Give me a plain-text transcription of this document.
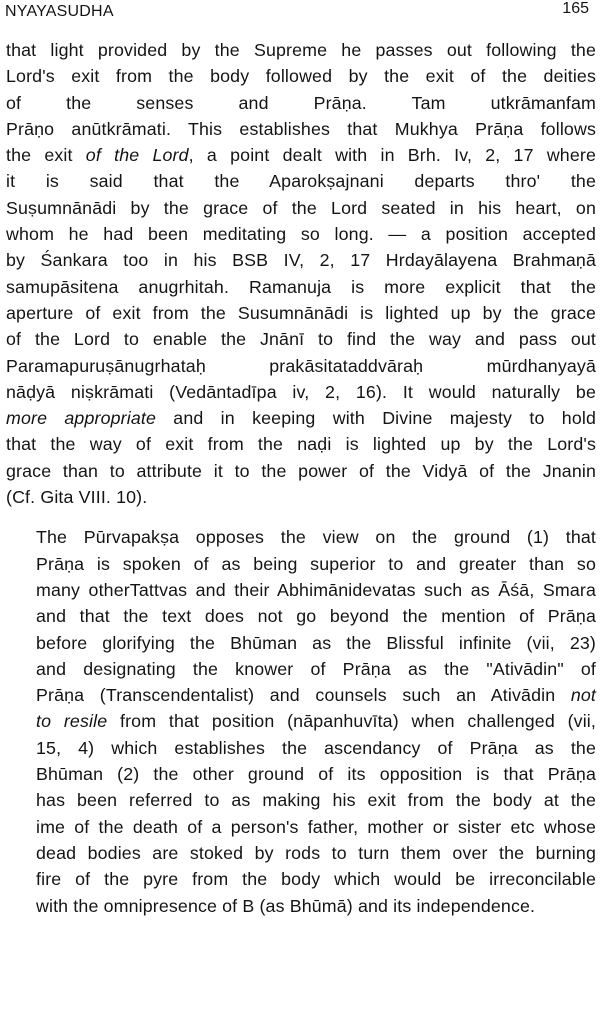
NYAYASUDHA	165

that light provided by the Supreme he passes out following the
Lord's exit from the body followed by the exit of the deities
of the senses and Prāṇa. Tam utkrāmanfam
Prāṇo anūtkrāmati. This establishes that Mukhya Prāṇa follows
the exit of the Lord, a point dealt with in Brh. Iv, 2, 17 where
it is said that the Aparokṣajnani departs thro' the
Suṣumnānādi by the grace of the Lord seated in his heart, on
whom he had been meditating so long. — a position accepted
by Śankara too in his BSB IV, 2, 17 Hrdayālayena Brahmaṇā
samupāsitena anugrhitah. Ramanuja is more explicit that the
aperture of exit from the Susumnānādi is lighted up by the grace
of the Lord to enable the Jnānī to find the way and pass out
Paramapuruṣānugrhataḥ prakāsitataddvāraḥ mūrdhanyayā
nāḍyā niṣkrāmati (Vedāntadīpa iv, 2, 16). It would naturally be
more appropriate and in keeping with Divine majesty to hold
that the way of exit from the naḍi is lighted up by the Lord's
grace than to attribute it to the power of the Vidyā of the Jnanin
(Cf. Gita VIII. 10).

The Pūrvapakṣa opposes the view on the ground (1) that
Prāṇa is spoken of as being superior to and greater than so
many otherTattvas and their Abhimānidevatas such as Āśā, Smara
and that the text does not go beyond the mention of Prāṇa
before glorifying the Bhūman as the Blissful infinite (vii, 23)
and designating the knower of Prāṇa as the "Ativādin" of
Prāṇa (Transcendentalist) and counsels such an Ativādin not
to resile from that position (nāpanhuvīta) when challenged (vii,
15, 4) which establishes the ascendancy of Prāṇa as the
Bhūman (2) the other ground of its opposition is that Prāṇa
has been referred to as making his exit from the body at the
ime of the death of a person's father, mother or sister etc whose
dead bodies are stoked by rods to turn them over the burning
fire of the pyre from the body which would be irreconcilable
with the omnipresence of B (as Bhūmā) and its independence.
